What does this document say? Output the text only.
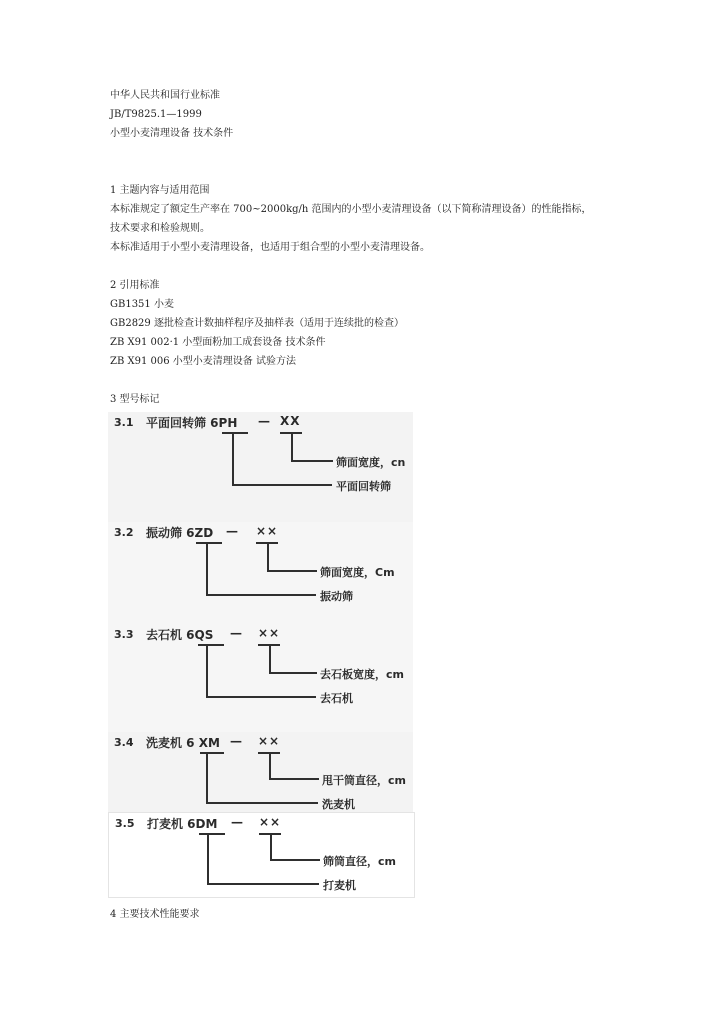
中华人民共和国行业标准
JB/T9825.1—1999
小型小麦清理设备 技术条件
1 主题内容与适用范围
本标准规定了额定生产率在 700~2000kg/h 范围内的小型小麦清理设备（以下简称清理设备）的性能指标，
技术要求和检验规则。
本标准适用于小型小麦清理设备，也适用于组合型的小型小麦清理设备。
2 引用标准
GB1351 小麦
GB2829 逐批检查计数抽样程序及抽样表（适用于连续批的检查）
ZB X91 002·1 小型面粉加工成套设备 技术条件
ZB X91 006 小型小麦清理设备 试验方法
3 型号标记
3.1 平面回转筛 6PH — XX
筛面宽度，cn
平面回转筛
3.2 振动筛 6ZD — ××
筛面宽度，Cm
振动筛
3.3 去石机 6QS — ××
去石板宽度，cm
去石机
3.4 洗麦机 6 XM — ××
甩干筒直径，cm
洗麦机
3.5 打麦机 6DM — ××
筛筒直径，cm
打麦机
4 主要技术性能要求
